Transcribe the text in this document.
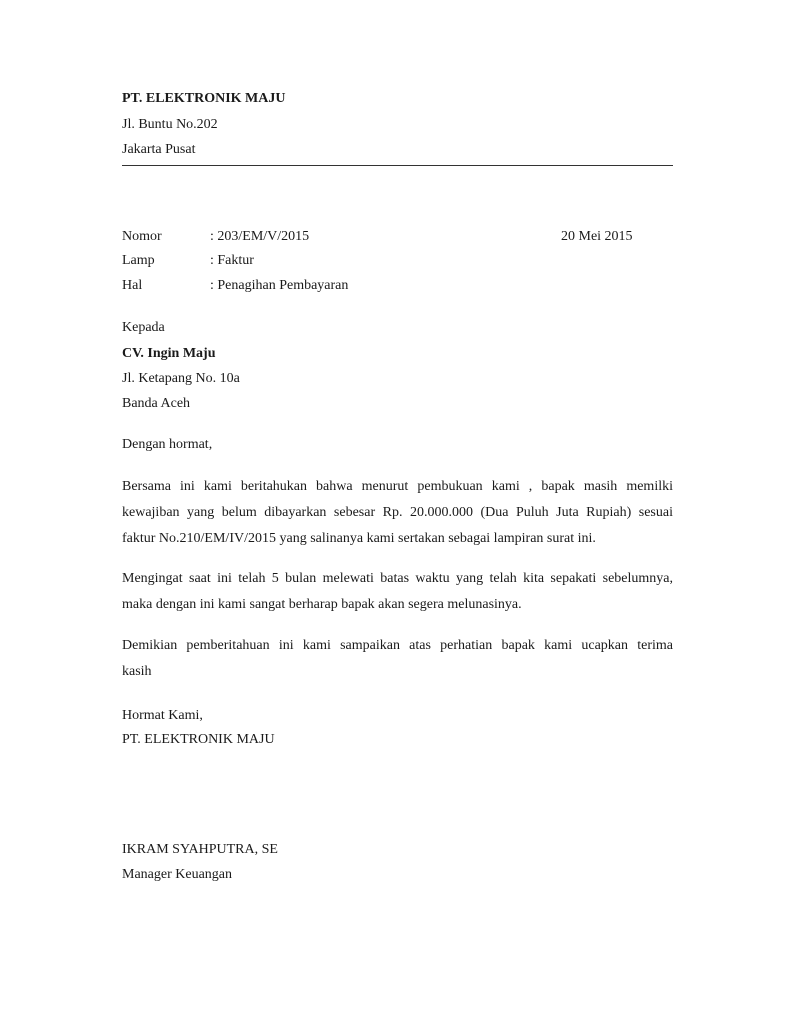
PT. ELEKTRONIK MAJU
Jl. Buntu No.202
Jakarta Pusat
Nomor	: 203/EM/V/2015	20 Mei 2015
Lamp	: Faktur
Hal	: Penagihan Pembayaran
Kepada
CV. Ingin Maju
Jl. Ketapang No. 10a
Banda Aceh
Dengan hormat,
Bersama ini kami beritahukan bahwa menurut pembukuan kami , bapak masih memilki
kewajiban yang belum dibayarkan sebesar Rp. 20.000.000 (Dua Puluh Juta Rupiah) sesuai
faktur No.210/EM/IV/2015 yang salinanya kami sertakan sebagai lampiran surat ini.
Mengingat saat ini telah 5 bulan melewati batas waktu yang telah kita sepakati sebelumnya,
maka dengan ini kami sangat berharap bapak akan segera melunasinya.
Demikian pemberitahuan ini kami sampaikan atas perhatian bapak kami ucapkan terima
kasih
Hormat Kami,
PT. ELEKTRONIK MAJU
IKRAM SYAHPUTRA, SE
Manager Keuangan
